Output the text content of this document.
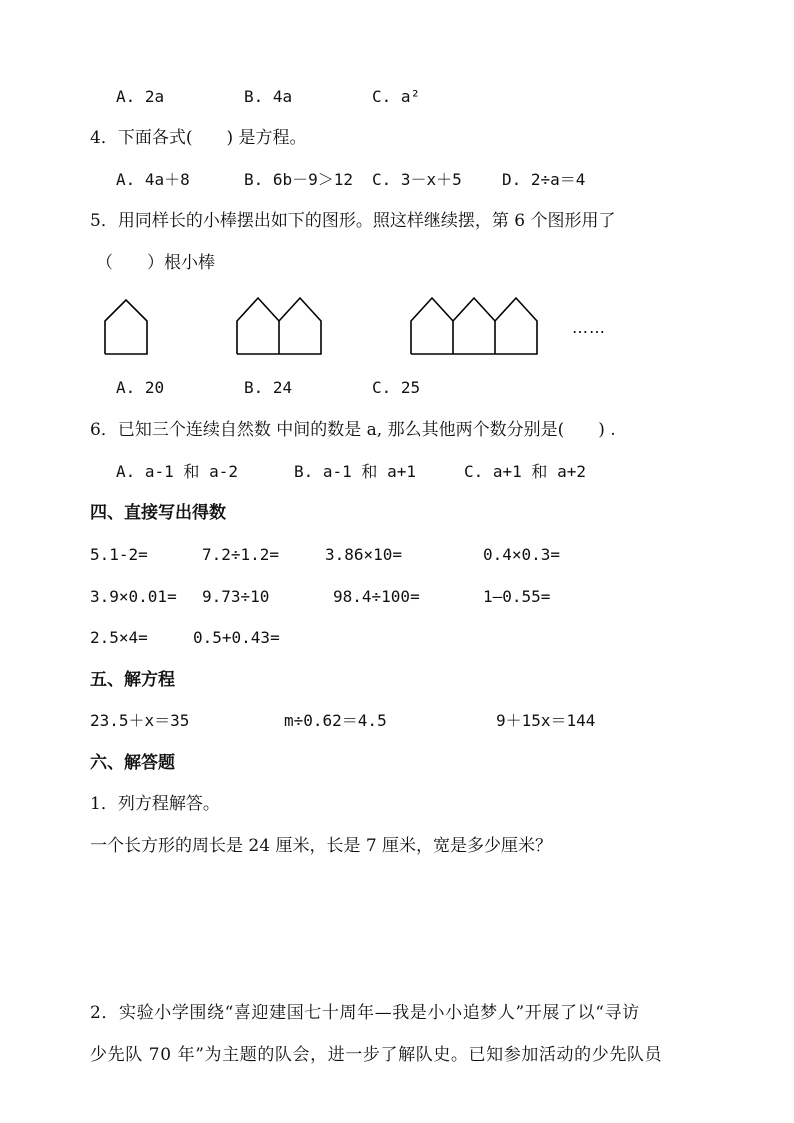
A. 2a	B. 4a	C. a²
4．下面各式(　　) 是方程。
A. 4a＋8	B. 6b－9＞12 C. 3－x＋5	D. 2÷a＝4
5．用同样长的小棒摆出如下的图形。照这样继续摆，第 6 个图形用了
（　　）根小棒
……
A. 20	B. 24	C. 25
6．已知三个连续自然数 中间的数是 a, 那么其他两个数分别是(　　) .
A. a-1 和 a-2	B. a-1 和 a+1	C. a+1 和 a+2
四、直接写出得数
5.1-2=	7.2÷1.2=	3.86×10=	0.4×0.3=
3.9×0.01= 9.73÷10	98.4÷100=	1—0.55=
2.5×4=	0.5+0.43=
五、解方程
23.5＋x＝35	m÷0.62＝4.5	9＋15x＝144
六、解答题
1．列方程解答。
一个长方形的周长是 24 厘米，长是 7 厘米，宽是多少厘米？
2．实验小学围绕“喜迎建国七十周年—我是小小追梦人”开展了以“寻访
少先队 70 年”为主题的队会，进一步了解队史。已知参加活动的少先队员
